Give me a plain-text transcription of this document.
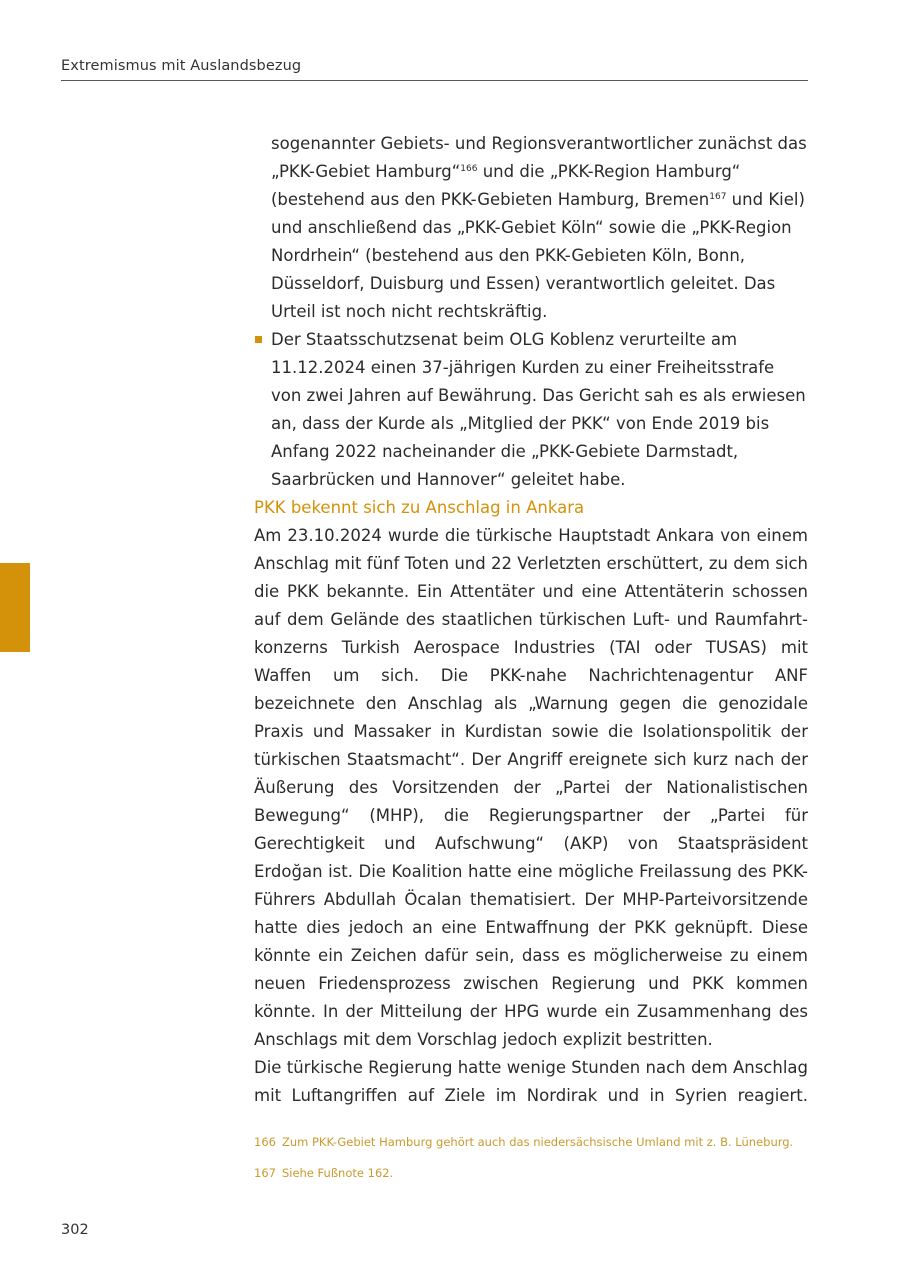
Extremismus mit Auslandsbezug

sogenannter Gebiets- und Regionsverantwortlicher zunächst das „PKK-Gebiet Hamburg“$^{166}$ und die „PKK-Region Hamburg“ (bestehend aus den PKK-Gebieten Hamburg, Bremen$^{167}$ und Kiel) und anschließend das „PKK-Gebiet Köln“ sowie die „PKK-Region Nordrhein“ (bestehend aus den PKK-Gebieten Köln, Bonn, Düsseldorf, Duisburg und Essen) verantwortlich geleitet. Das Urteil ist noch nicht rechtskräftig.

Der Staatsschutzsenat beim OLG Koblenz verurteilte am 11.12.2024 einen 37-jährigen Kurden zu einer Freiheitsstrafe von zwei Jahren auf Bewährung. Das Gericht sah es als erwiesen an, dass der Kurde als „Mitglied der PKK“ von Ende 2019 bis Anfang 2022 nacheinander die „PKK-Gebiete Darmstadt, Saarbrücken und Hannover“ geleitet habe.

PKK bekennt sich zu Anschlag in Ankara

Am 23.10.2024 wurde die türkische Hauptstadt Ankara von einem Anschlag mit fünf Toten und 22 Verletzten erschüttert, zu dem sich die PKK bekannte. Ein Attentäter und eine Attentäterin schossen auf dem Gelände des staatlichen türkischen Luft- und Raumfahrtkonzerns Turkish Aerospace Industries (TAI oder TUSAS) mit Waffen um sich. Die PKK-nahe Nachrichtenagentur ANF bezeichnete den Anschlag als „Warnung gegen die genozidale Praxis und Massaker in Kurdistan sowie die Isolationspolitik der türkischen Staatsmacht“. Der Angriff ereignete sich kurz nach der Äußerung des Vorsitzenden der „Partei der Nationalistischen Bewegung“ (MHP), die Regierungspartner der „Partei für Gerechtigkeit und Aufschwung“ (AKP) von Staatspräsident Erdoğan ist. Die Koalition hatte eine mögliche Freilassung des PKK-Führers Abdullah Öcalan thematisiert. Der MHP-Parteivorsitzende hatte dies jedoch an eine Entwaffnung der PKK geknüpft. Diese könnte ein Zeichen dafür sein, dass es möglicherweise zu einem neuen Friedensprozess zwischen Regierung und PKK kommen könnte. In der Mitteilung der HPG wurde ein Zusammenhang des Anschlags mit dem Vorschlag jedoch explizit bestritten.

Die türkische Regierung hatte wenige Stunden nach dem Anschlag mit Luftangriffen auf Ziele im Nordirak und in Syrien reagiert.

166 Zum PKK-Gebiet Hamburg gehört auch das niedersächsische Umland mit z. B. Lüneburg.

167 Siehe Fußnote 162.

302
